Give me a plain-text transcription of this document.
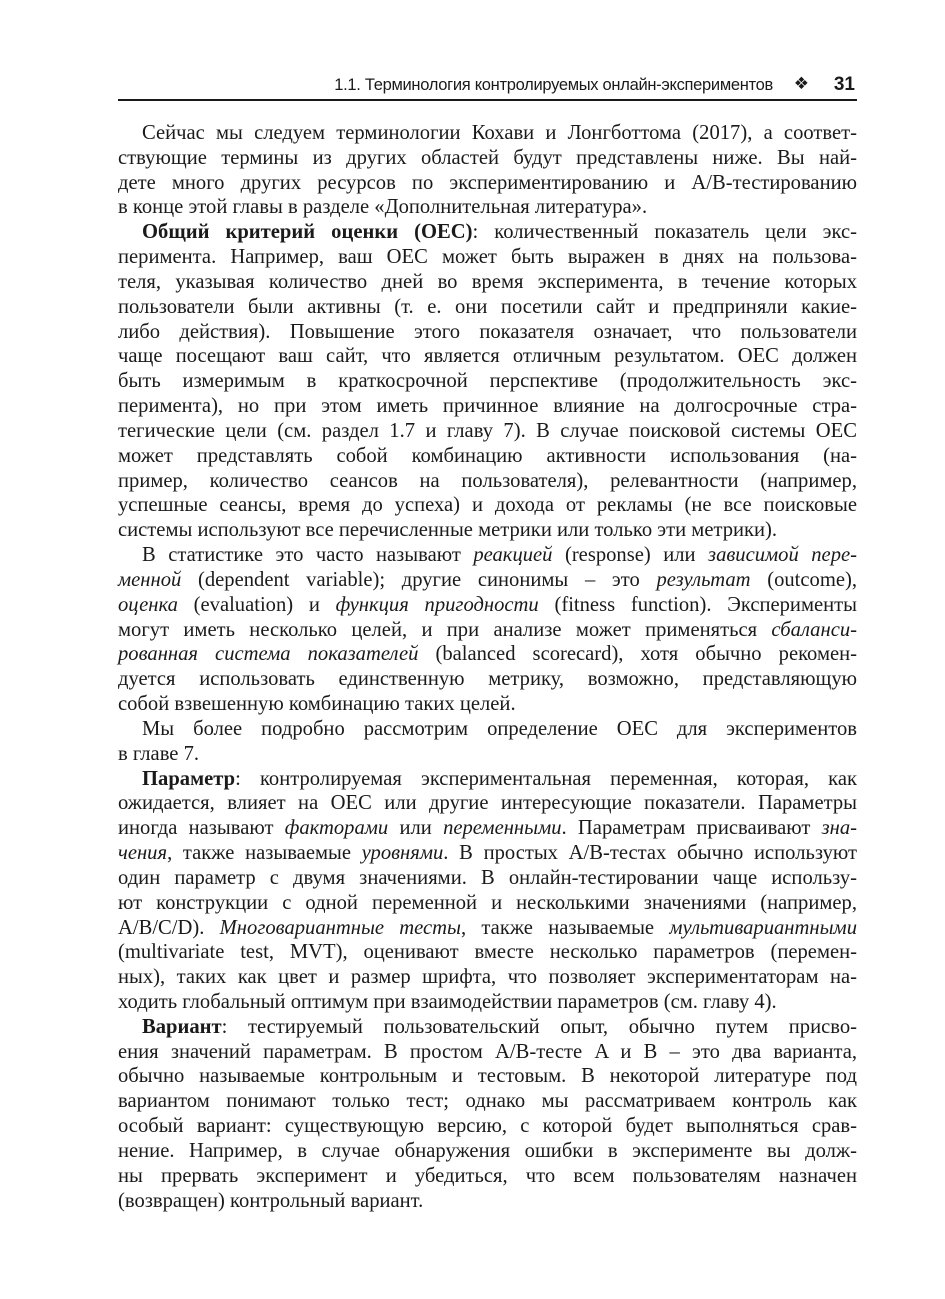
1.1. Терминология контролируемых онлайн-экспериментов ❖ 31
Сейчас мы следуем терминологии Кохави и Лонгботтома (2017), а соответ-
ствующие термины из других областей будут представлены ниже. Вы най-
дете много других ресурсов по экспериментированию и A/B-тестированию
в конце этой главы в разделе «Дополнительная литература».
Общий критерий оценки (OEC): количественный показатель цели экс-
перимента. Например, ваш OEC может быть выражен в днях на пользова-
теля, указывая количество дней во время эксперимента, в течение которых
пользователи были активны (т. е. они посетили сайт и предприняли какие-
либо действия). Повышение этого показателя означает, что пользователи
чаще посещают ваш сайт, что является отличным результатом. OEC должен
быть измеримым в краткосрочной перспективе (продолжительность экс-
перимента), но при этом иметь причинное влияние на долгосрочные стра-
тегические цели (см. раздел 1.7 и главу 7). В случае поисковой системы OEC
может представлять собой комбинацию активности использования (на-
пример, количество сеансов на пользователя), релевантности (например,
успешные сеансы, время до успеха) и дохода от рекламы (не все поисковые
системы используют все перечисленные метрики или только эти метрики).
В статистике это часто называют реакцией (response) или зависимой пере-
менной (dependent variable); другие синонимы – это результат (outcome),
оценка (evaluation) и функция пригодности (fitness function). Эксперименты
могут иметь несколько целей, и при анализе может применяться сбаланси-
рованная система показателей (balanced scorecard), хотя обычно рекомен-
дуется использовать единственную метрику, возможно, представляющую
собой взвешенную комбинацию таких целей.
Мы более подробно рассмотрим определение OEC для экспериментов
в главе 7.
Параметр: контролируемая экспериментальная переменная, которая, как
ожидается, влияет на OEC или другие интересующие показатели. Параметры
иногда называют факторами или переменными. Параметрам присваивают зна-
чения, также называемые уровнями. В простых A/B-тестах обычно используют
один параметр с двумя значениями. В онлайн-тестировании чаще использу-
ют конструкции с одной переменной и несколькими значениями (например,
A/B/C/D). Многовариантные тесты, также называемые мультивариантными
(multivariate test, MVT), оценивают вместе несколько параметров (перемен-
ных), таких как цвет и размер шрифта, что позволяет экспериментаторам на-
ходить глобальный оптимум при взаимодействии параметров (см. главу 4).
Вариант: тестируемый пользовательский опыт, обычно путем присво-
ения значений параметрам. В простом A/B-тесте A и B – это два варианта,
обычно называемые контрольным и тестовым. В некоторой литературе под
вариантом понимают только тест; однако мы рассматриваем контроль как
особый вариант: существующую версию, с которой будет выполняться срав-
нение. Например, в случае обнаружения ошибки в эксперименте вы долж-
ны прервать эксперимент и убедиться, что всем пользователям назначен
(возвращен) контрольный вариант.
